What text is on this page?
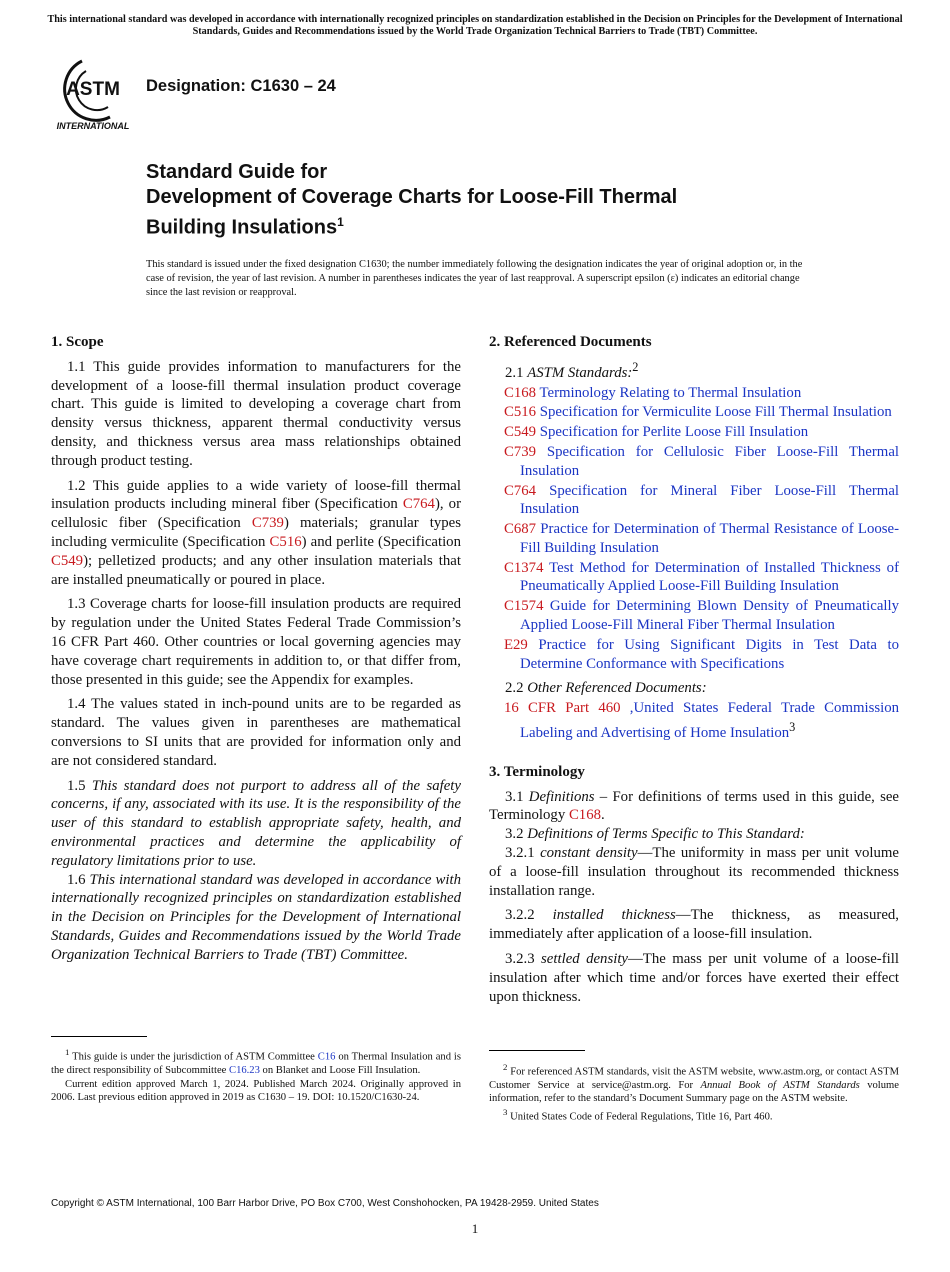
This international standard was developed in accordance with internationally recognized principles on standardization established in the Decision on Principles for the Development of International Standards, Guides and Recommendations issued by the World Trade Organization Technical Barriers to Trade (TBT) Committee.
ASTM
INTERNATIONAL
Designation: C1630 – 24
Standard Guide for
Development of Coverage Charts for Loose-Fill Thermal
Building Insulations$^1$
This standard is issued under the fixed designation C1630; the number immediately following the designation indicates the year of original adoption or, in the case of revision, the year of last revision. A number in parentheses indicates the year of last reapproval. A superscript epsilon (ε) indicates an editorial change since the last revision or reapproval.
1. Scope

1.1 This guide provides information to manufacturers for the development of a loose-fill thermal insulation product coverage chart. This guide is limited to developing a coverage chart from density versus thickness, apparent thermal conductivity versus density, and thickness versus area mass relationships obtained through product testing.

1.2 This guide applies to a wide variety of loose-fill thermal insulation products including mineral fiber (Specification C764), or cellulosic fiber (Specification C739) materials; granular types including vermiculite (Specification C516) and perlite (Specification C549); pelletized products; and any other insulation materials that are installed pneumatically or poured in place.

1.3 Coverage charts for loose-fill insulation products are required by regulation under the United States Federal Trade Commission’s 16 CFR Part 460. Other countries or local governing agencies may have coverage chart requirements in addition to, or that differ from, those presented in this guide; see the Appendix for examples.

1.4 The values stated in inch-pound units are to be regarded as standard. The values given in parentheses are mathematical conversions to SI units that are provided for information only and are not considered standard.

1.5 This standard does not purport to address all of the safety concerns, if any, associated with its use. It is the responsibility of the user of this standard to establish appropriate safety, health, and environmental practices and determine the applicability of regulatory limitations prior to use.

1.6 This international standard was developed in accordance with internationally recognized principles on standardization established in the Decision on Principles for the Development of International Standards, Guides and Recommendations issued by the World Trade Organization Technical Barriers to Trade (TBT) Committee.

2. Referenced Documents
2.1 ASTM Standards:$^2$
C168 Terminology Relating to Thermal Insulation
C516 Specification for Vermiculite Loose Fill Thermal Insulation
C549 Specification for Perlite Loose Fill Insulation
C739 Specification for Cellulosic Fiber Loose-Fill Thermal Insulation
C764 Specification for Mineral Fiber Loose-Fill Thermal Insulation
C687 Practice for Determination of Thermal Resistance of Loose-Fill Building Insulation
C1374 Test Method for Determination of Installed Thickness of Pneumatically Applied Loose-Fill Building Insulation
C1574 Guide for Determining Blown Density of Pneumatically Applied Loose-Fill Mineral Fiber Thermal Insulation
E29 Practice for Using Significant Digits in Test Data to Determine Conformance with Specifications
2.2 Other Referenced Documents:
16 CFR Part 460 ,United States Federal Trade Commission Labeling and Advertising of Home Insulation$^3$
3. Terminology

3.1 Definitions – For definitions of terms used in this guide, see Terminology C168.

3.2 Definitions of Terms Specific to This Standard:

3.2.1 constant density—The uniformity in mass per unit volume of a loose-fill insulation throughout its recommended thickness installation range.

3.2.2 installed thickness—The thickness, as measured, immediately after application of a loose-fill insulation.

3.2.3 settled density—The mass per unit volume of a loose-fill insulation after which time and/or forces have exerted their effect upon thickness.

$^1$ This guide is under the jurisdiction of ASTM Committee C16 on Thermal Insulation and is the direct responsibility of Subcommittee C16.23 on Blanket and Loose Fill Insulation.

Current edition approved March 1, 2024. Published March 2024. Originally approved in 2006. Last previous edition approved in 2019 as C1630 – 19. DOI: 10.1520/C1630-24.

$^2$ For referenced ASTM standards, visit the ASTM website, www.astm.org, or contact ASTM Customer Service at service@astm.org. For Annual Book of ASTM Standards volume information, refer to the standard’s Document Summary page on the ASTM website.

$^3$ United States Code of Federal Regulations, Title 16, Part 460.

Copyright © ASTM International, 100 Barr Harbor Drive, PO Box C700, West Conshohocken, PA 19428-2959. United States
1
